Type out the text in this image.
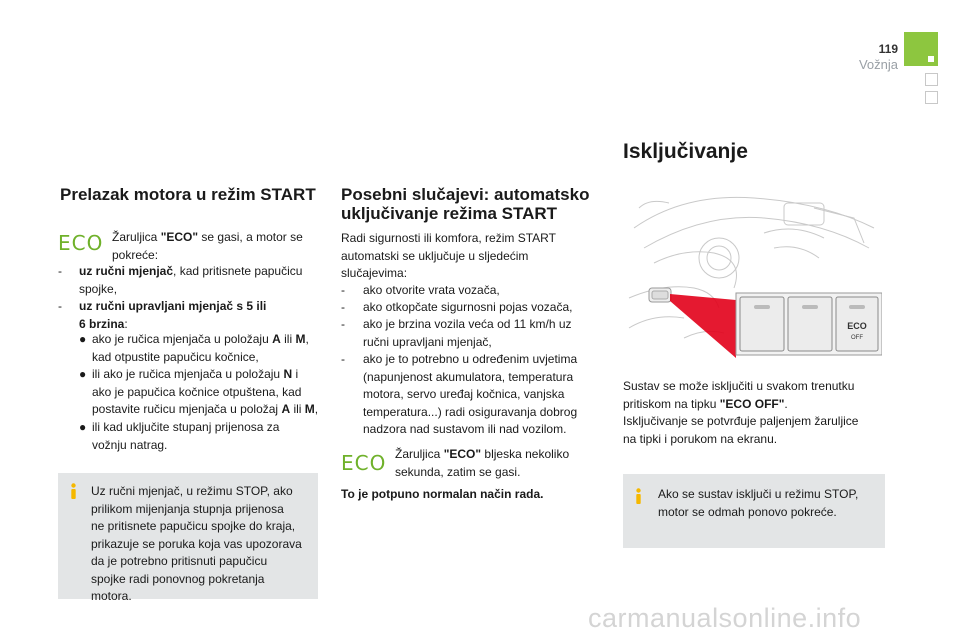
119
Vožnja
Prelazak motora u režim START
ECO Žaruljica "ECO" se gasi, a motor se
pokreće:
- uz ručni mjenjač, kad pritisnete papučicu
spojke,
- uz ručni upravljani mjenjač s 5 ili
6 brzina:
● ako je ručica mjenjača u položaju A ili M,
kad otpustite papučicu kočnice,
● ili ako je ručica mjenjača u položaju N i
ako je papučica kočnice otpuštena, kad
postavite ručicu mjenjača u položaj A ili M,
● ili kad uključite stupanj prijenosa za
vožnju natrag.
Uz ručni mjenjač, u režimu STOP, ako
prilikom mijenjanja stupnja prijenosa
ne pritisnete papučicu spojke do kraja,
prikazuje se poruka koja vas upozorava
da je potrebno pritisnuti papučicu
spojke radi ponovnog pokretanja
motora.
Posebni slučajevi: automatsko
uključivanje režima START
Radi sigurnosti ili komfora, režim START
automatski se uključuje u sljedećim
slučajevima:
- ako otvorite vrata vozača,
- ako otkopčate sigurnosni pojas vozača,
- ako je brzina vozila veća od 11 km/h uz
ručni upravljani mjenjač,
- ako je to potrebno u određenim uvjetima
(napunjenost akumulatora, temperatura
motora, servo uređaj kočnica, vanjska
temperatura...) radi osiguravanja dobrog
nadzora nad sustavom ili nad vozilom.
ECO Žaruljica "ECO" bljeska nekoliko
sekunda, zatim se gasi.
To je potpuno normalan način rada.
Isključivanje
ECO
OFF
Sustav se može isključiti u svakom trenutku
pritiskom na tipku "ECO OFF".
Isključivanje se potvrđuje paljenjem žaruljice
na tipki i porukom na ekranu.
Ako se sustav isključi u režimu STOP,
motor se odmah ponovo pokreće.
carmanualsonline.info
